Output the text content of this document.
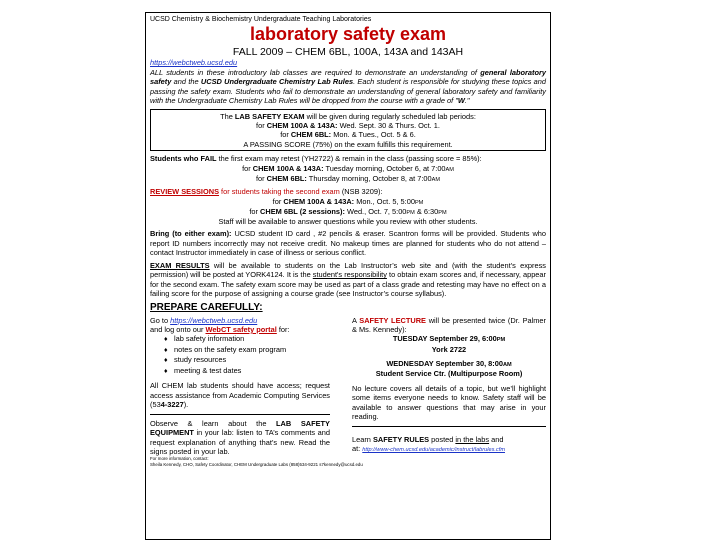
UCSD Chemistry & Biochemistry Undergraduate Teaching Laboratories
laboratory safety exam
FALL 2009 – CHEM 6BL, 100A, 143A and 143AH
https://webctweb.ucsd.edu

ALL students in these introductory lab classes are required to demonstrate an understanding of general laboratory safety and the UCSD Undergraduate Chemistry Lab Rules. Each student is responsible for studying these topics and passing the safety exam. Students who fail to demonstrate an understanding of general laboratory safety and familiarity with the Undergraduate Chemistry Lab Rules will be dropped from the course with a grade of "W."

The LAB SAFETY EXAM will be given during regularly scheduled lab periods:
for CHEM 100A & 143A: Wed. Sept. 30 & Thurs. Oct. 1.
for CHEM 6BL: Mon. & Tues., Oct. 5 & 6.
A PASSING SCORE (75%) on the exam fulfills this requirement.
Students who FAIL the first exam may retest (YH2722) & remain in the class (passing score = 85%):
for CHEM 100A & 143A: Tuesday morning, October 6, at 7:00AM
for CHEM 6BL: Thursday morning, October 8, at 7:00AM
REVIEW SESSIONS for students taking the second exam (NSB 3209):
for CHEM 100A & 143A: Mon., Oct. 5, 5:00PM
for CHEM 6BL (2 sessions): Wed., Oct. 7, 5:00PM & 6:30PM
Staff will be available to answer questions while you review with other students.

Bring (to either exam): UCSD student ID card , #2 pencils & eraser. Scantron forms will be provided. Students who report ID numbers incorrectly may not receive credit. No makeup times are planned for students who do not attend – contact Instructor immediately in case of illness or serious conflict.

EXAM RESULTS will be available to students on the Lab Instructor’s web site and (with the student's express permission) will be posted at YORK4124. It is the student's responsibility to obtain exam scores and, if necessary, appear for the second exam. The safety exam score may be used as part of a class grade and retesting may have no effect on a failing score for the purpose of assigning a course grade (see Instructor’s course syllabus).

PREPARE CAREFULLY:
Go to https://webctweb.ucsd.edu
and log onto our WebCT safety portal for:
♦ lab safety information
♦ notes on the safety exam program
♦ study resources
♦ meeting & test dates

All CHEM lab students should have access; request access assistance from Academic Computing Services (534-3227).

Observe & learn about the LAB SAFETY EQUIPMENT in your lab: listen to TA’s comments and request explanation of anything that’s new. Read the signs posted in your lab.

A SAFETY LECTURE will be presented twice (Dr. Palmer & Ms. Kennedy):

TUESDAY September 29, 6:00PM
York 2722
WEDNESDAY September 30, 8:00AM
Student Service Ctr. (Multipurpose Room)

No lecture covers all details of a topic, but we’ll highlight some items everyone needs to know. Safety staff will be available to answer questions that may arise in your reading.

Learn SAFETY RULES posted in the labs and
at: http://www-chem.ucsd.edu/academic/instruct/labrules.cfm
For more information, contact:
Sheila Kennedy, CHO, Safety Coordinator, CHEM Undergraduate Labs (858)534-9221 s7kennedy@ucsd.edu
